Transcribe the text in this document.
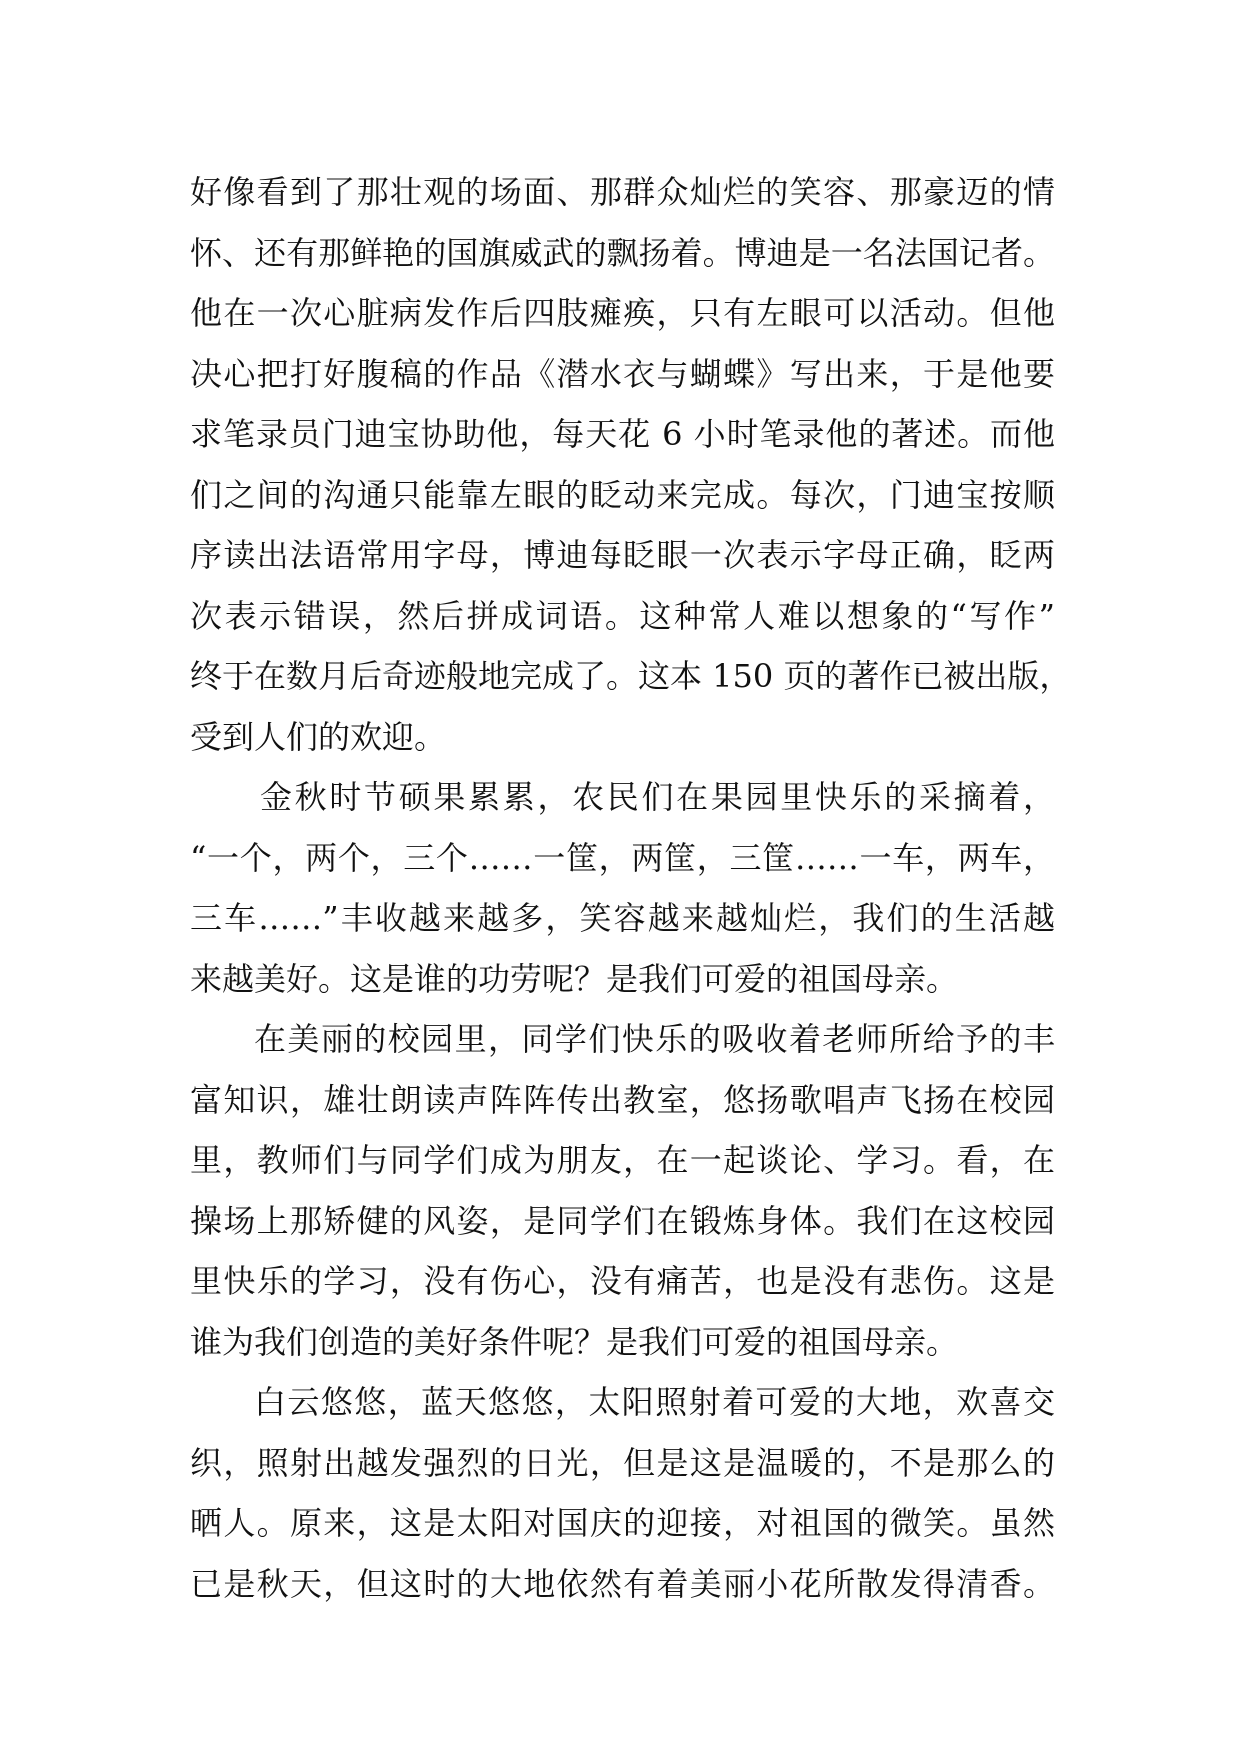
好像看到了那壮观的场面、那群众灿烂的笑容、那豪迈的情
怀、还有那鲜艳的国旗威武的飘扬着。博迪是一名法国记者。
他在一次心脏病发作后四肢瘫痪，只有左眼可以活动。但他
决心把打好腹稿的作品《潜水衣与蝴蝶》写出来，于是他要
求笔录员门迪宝协助他，每天花 6 小时笔录他的著述。而他
们之间的沟通只能靠左眼的眨动来完成。每次，门迪宝按顺
序读出法语常用字母，博迪每眨眼一次表示字母正确，眨两
次表示错误，然后拼成词语。这种常人难以想象的“写作”
终于在数月后奇迹般地完成了。这本 150 页的著作已被出版，
受到人们的欢迎。
金秋时节硕果累累，农民们在果园里快乐的采摘着，
“一个，两个，三个……一筐，两筐，三筐……一车，两车，
三车……”丰收越来越多，笑容越来越灿烂，我们的生活越
来越美好。这是谁的功劳呢？是我们可爱的祖国母亲。
在美丽的校园里，同学们快乐的吸收着老师所给予的丰
富知识，雄壮朗读声阵阵传出教室，悠扬歌唱声飞扬在校园
里，教师们与同学们成为朋友，在一起谈论、学习。看，在
操场上那矫健的风姿，是同学们在锻炼身体。我们在这校园
里快乐的学习，没有伤心，没有痛苦，也是没有悲伤。这是
谁为我们创造的美好条件呢？是我们可爱的祖国母亲。
白云悠悠，蓝天悠悠，太阳照射着可爱的大地，欢喜交
织，照射出越发强烈的日光，但是这是温暖的，不是那么的
晒人。原来，这是太阳对国庆的迎接，对祖国的微笑。虽然
已是秋天，但这时的大地依然有着美丽小花所散发得清香。
